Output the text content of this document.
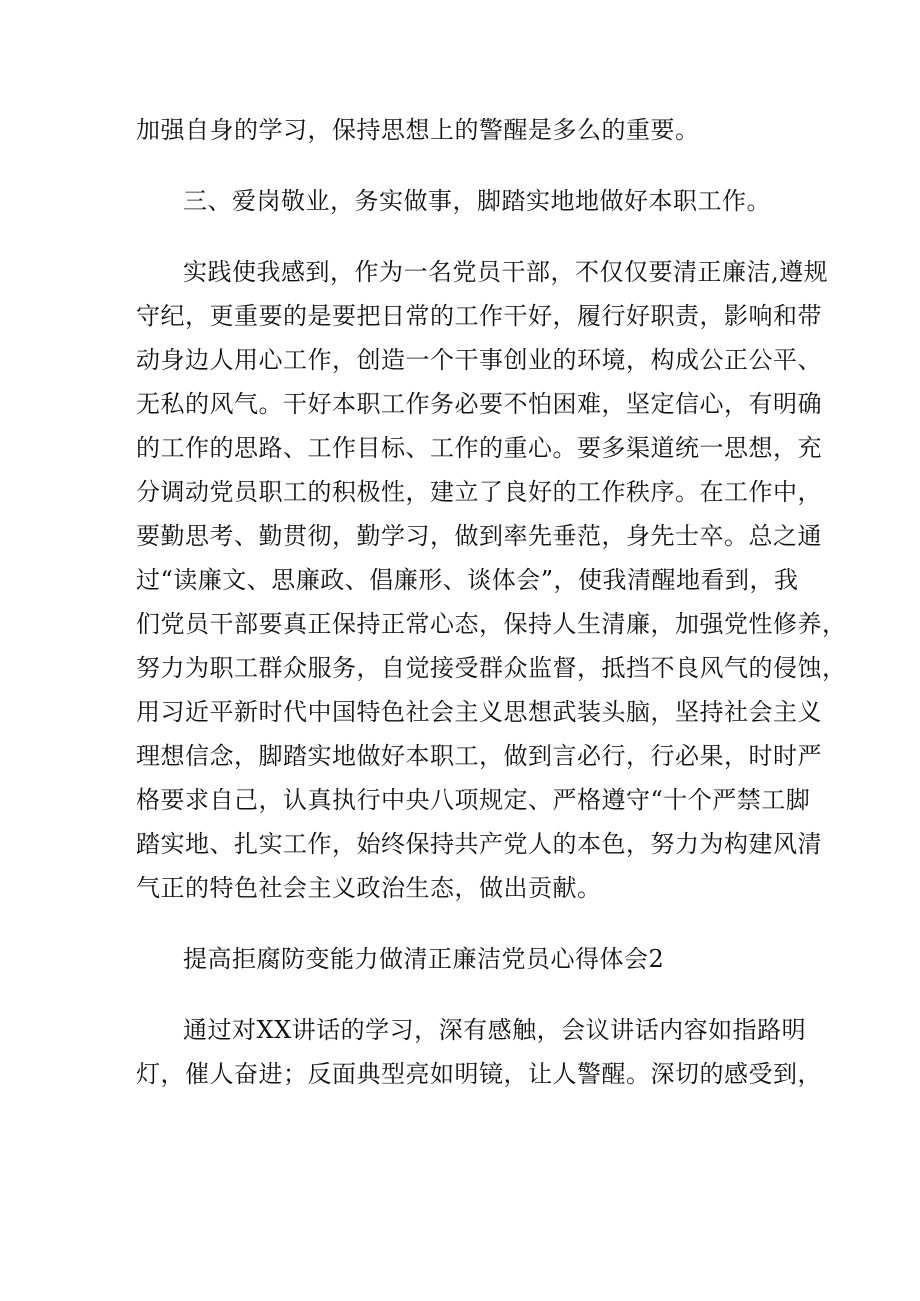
加强自身的学习，保持思想上的警醒是多么的重要。
三、爱岗敬业，务实做事，脚踏实地地做好本职工作。
实践使我感到，作为一名党员干部，不仅仅要清正廉洁,遵规
守纪，更重要的是要把日常的工作干好，履行好职责，影响和带
动身边人用心工作，创造一个干事创业的环境，构成公正公平、
无私的风气。干好本职工作务必要不怕困难，坚定信心，有明确
的工作的思路、工作目标、工作的重心。要多渠道统一思想，充
分调动党员职工的积极性，建立了良好的工作秩序。在工作中，
要勤思考、勤贯彻，勤学习，做到率先垂范，身先士卒。总之通
过“读廉文、思廉政、倡廉形、谈体会”，使我清醒地看到，我
们党员干部要真正保持正常心态，保持人生清廉，加强党性修养，
努力为职工群众服务，自觉接受群众监督，抵挡不良风气的侵蚀，
用习近平新时代中国特色社会主义思想武装头脑，坚持社会主义
理想信念，脚踏实地做好本职工，做到言必行，行必果，时时严
格要求自己，认真执行中央八项规定、严格遵守“十个严禁工脚
踏实地、扎实工作，始终保持共产党人的本色，努力为构建风清
气正的特色社会主义政治生态，做出贡献。
提高拒腐防变能力做清正廉洁党员心得体会2
通过对XX讲话的学习，深有感触，会议讲话内容如指路明
灯，催人奋进；反面典型亮如明镜，让人警醒。深切的感受到，
